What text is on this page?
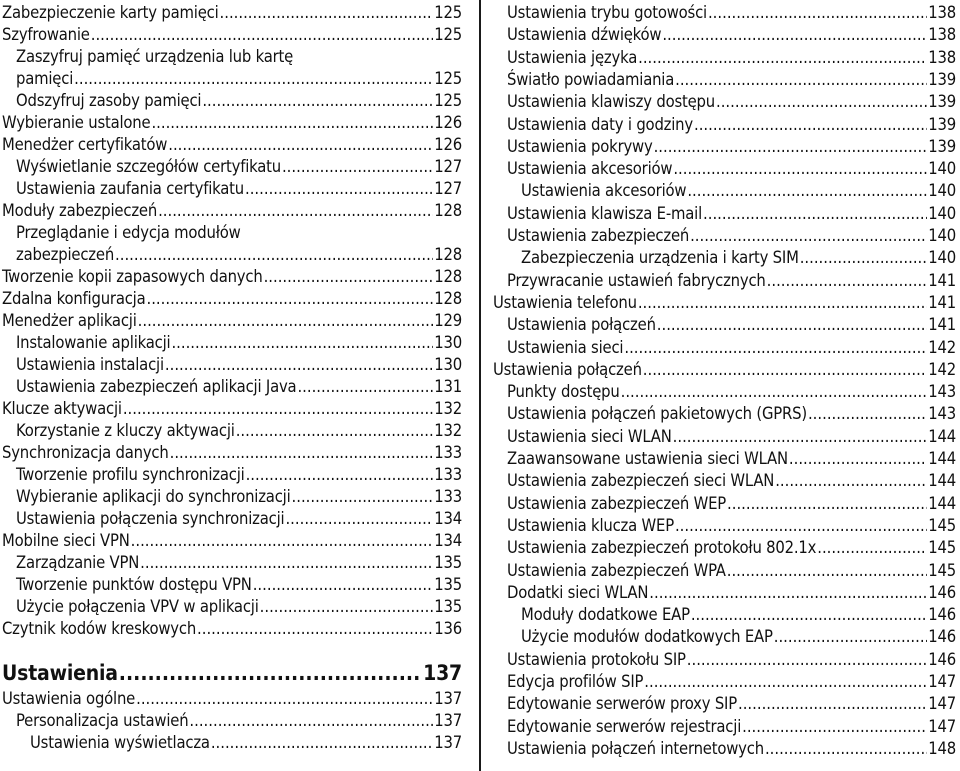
Zabezpieczenie karty pamięci .....	125
Szyfrowanie .....	125
Zaszyfruj pamięć urządzenia lub kartę
pamięci .....	125
Odszyfruj zasoby pamięci .....	125
Wybieranie ustalone .....	126
Menedżer certyfikatów .....	126
Wyświetlanie szczegółów certyfikatu .....	127
Ustawienia zaufania certyfikatu .....	127
Moduły zabezpieczeń .....	128
Przeglądanie i edycja modułów
zabezpieczeń .....	128
Tworzenie kopii zapasowych danych .....	128
Zdalna konfiguracja .....	128
Menedżer aplikacji .....	129
Instalowanie aplikacji .....	130
Ustawienia instalacji .....	130
Ustawienia zabezpieczeń aplikacji Java .....	131
Klucze aktywacji .....	132
Korzystanie z kluczy aktywacji .....	132
Synchronizacja danych .....	133
Tworzenie profilu synchronizacji .....	133
Wybieranie aplikacji do synchronizacji .....	133
Ustawienia połączenia synchronizacji .....	134
Mobilne sieci VPN .....	134
Zarządzanie VPN .....	135
Tworzenie punktów dostępu VPN .....	135
Użycie połączenia VPV w aplikacji .....	135
Czytnik kodów kreskowych .....	136
Ustawienia .....	137
Ustawienia ogólne .....	137
Personalizacja ustawień .....	137
Ustawienia wyświetlacza .....	137
Ustawienia trybu gotowości .....	138
Ustawienia dźwięków .....	138
Ustawienia języka .....	138
Światło powiadamiania .....	139
Ustawienia klawiszy dostępu .....	139
Ustawienia daty i godziny .....	139
Ustawienia pokrywy .....	139
Ustawienia akcesoriów .....	140
Ustawienia akcesoriów .....	140
Ustawienia klawisza E-mail .....	140
Ustawienia zabezpieczeń .....	140
Zabezpieczenia urządzenia i karty SIM .....	140
Przywracanie ustawień fabrycznych .....	141
Ustawienia telefonu .....	141
Ustawienia połączeń .....	141
Ustawienia sieci .....	142
Ustawienia połączeń .....	142
Punkty dostępu .....	143
Ustawienia połączeń pakietowych (GPRS) .....	143
Ustawienia sieci WLAN .....	144
Zaawansowane ustawienia sieci WLAN .....	144
Ustawienia zabezpieczeń sieci WLAN .....	144
Ustawienia zabezpieczeń WEP .....	144
Ustawienia klucza WEP .....	145
Ustawienia zabezpieczeń protokołu 802.1x .....	145
Ustawienia zabezpieczeń WPA .....	145
Dodatki sieci WLAN .....	146
Moduły dodatkowe EAP .....	146
Użycie modułów dodatkowych EAP .....	146
Ustawienia protokołu SIP .....	146
Edycja profilów SIP .....	147
Edytowanie serwerów proxy SIP .....	147
Edytowanie serwerów rejestracji .....	147
Ustawienia połączeń internetowych .....	148
